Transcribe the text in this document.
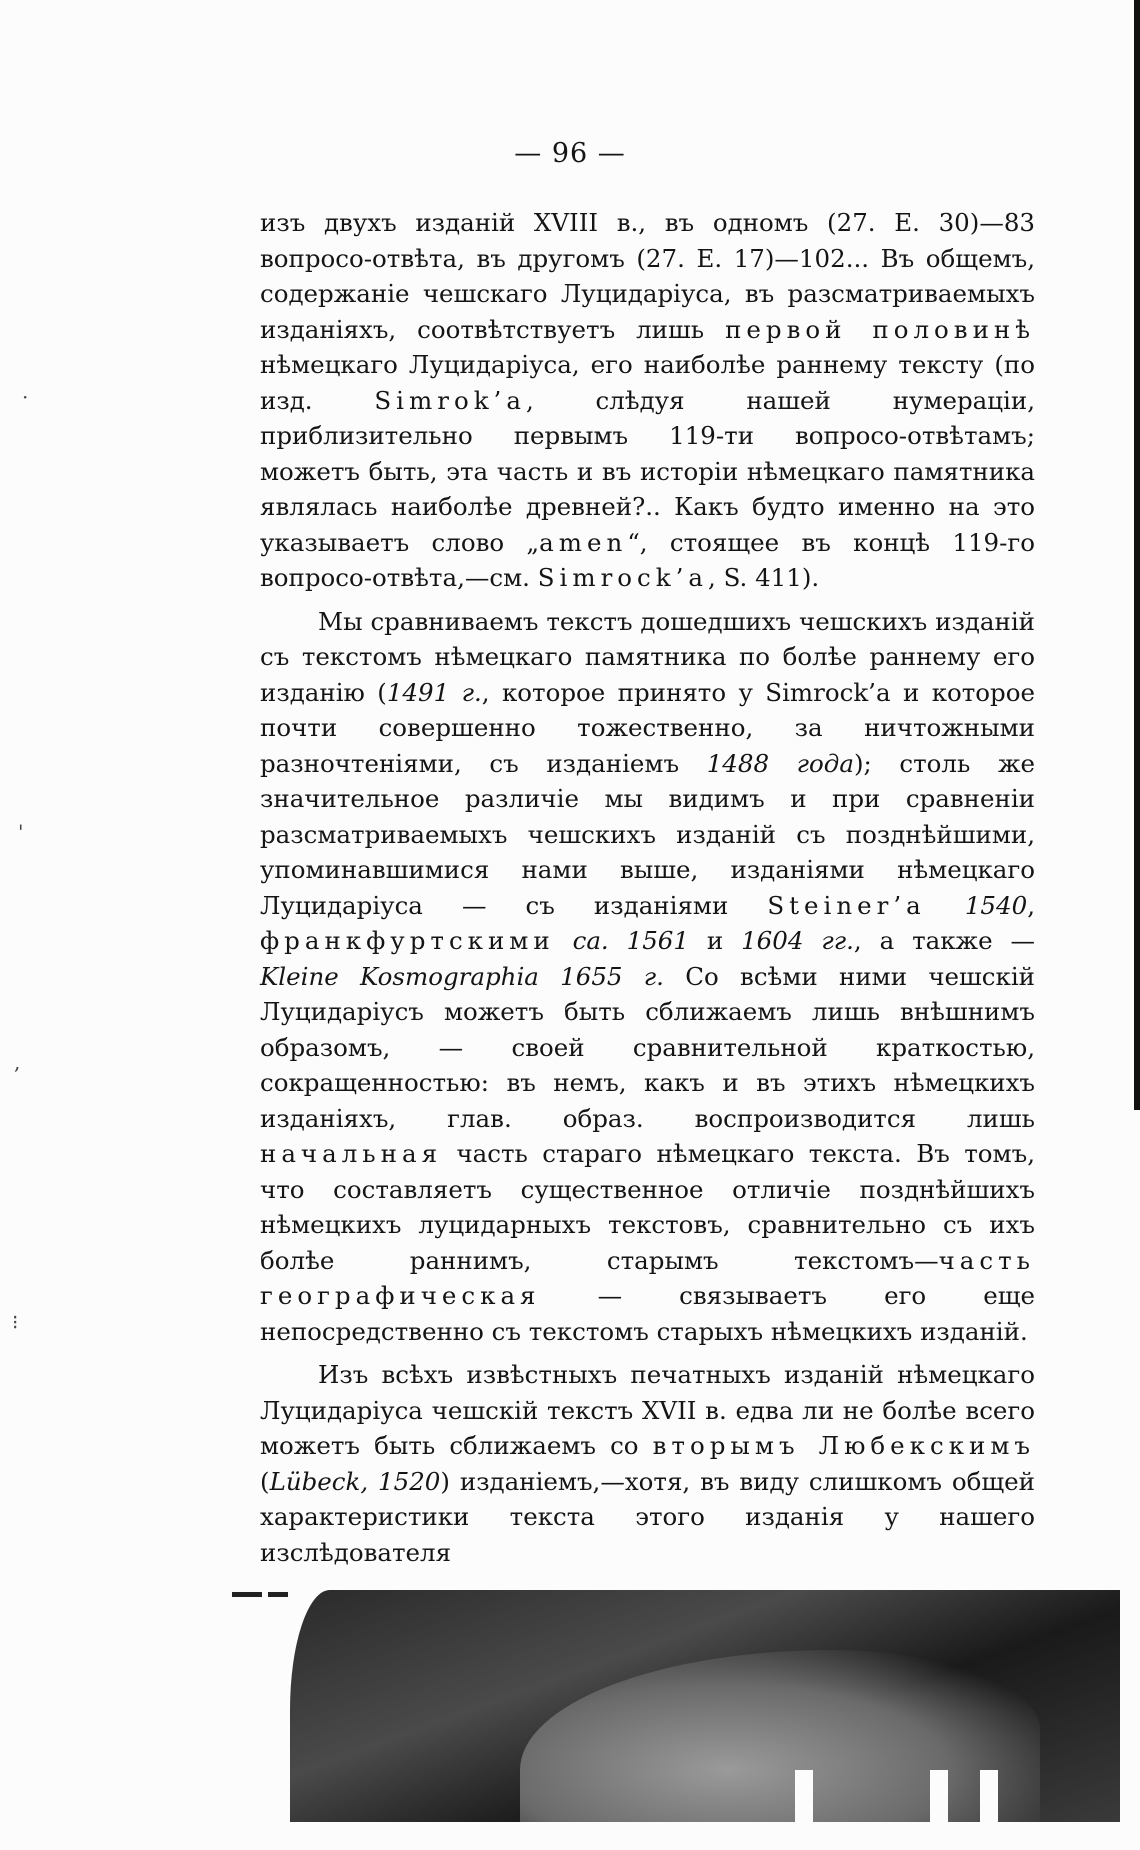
— 96 —

изъ двухъ изданій XVIII в., въ одномъ (27. Е. 30)—83 вопросо-отвѣта, въ другомъ (27. Е. 17)—102... Въ общемъ, содержаніе чешскаго Луцидаріуса, въ разсматриваемыхъ изданіяхъ, соотвѣтствуетъ лишь первой половинѣ нѣмецкаго Луцидаріуса, его наиболѣе раннему тексту (по изд. Simrok’a, слѣдуя нашей нумераціи, приблизительно первымъ 119-ти вопросо-отвѣтамъ; можетъ быть, эта часть и въ исторіи нѣмецкаго памятника являлась наиболѣе древней?.. Какъ будто именно на это указываетъ слово „amen“, стоящее въ концѣ 119-го вопросо-отвѣта,—см. Simrock’a, S. 411).

Мы сравниваемъ текстъ дошедшихъ чешскихъ изданій съ текстомъ нѣмецкаго памятника по болѣе раннему его изданію (1491 г., которое принято у Simrock’a и которое почти совершенно тожественно, за ничтожными разночтеніями, съ изданіемъ 1488 года); столь же значительное различіе мы видимъ и при сравненіи разсматриваемыхъ чешскихъ изданій съ позднѣйшими, упоминавшимися нами выше, изданіями нѣмецкаго Луцидаріуса — съ изданіями Steiner’a 1540, франкфуртскими ca. 1561 и 1604 гг., а также — Kleine Kosmographia 1655 г. Со всѣми ними чешскій Луцидаріусъ можетъ быть сближаемъ лишь внѣшнимъ образомъ, — своей сравнительной краткостью, сокращенностью: въ немъ, какъ и въ этихъ нѣмецкихъ изданіяхъ, глав. образ. воспроизводится лишь начальная часть стараго нѣмецкаго текста. Въ томъ, что составляетъ существенное отличіе позднѣйшихъ нѣмецкихъ луцидарныхъ текстовъ, сравнительно съ ихъ болѣе раннимъ, старымъ текстомъ—часть географическая — связываетъ его еще непосредственно съ текстомъ старыхъ нѣмецкихъ изданій.

Изъ всѣхъ извѣстныхъ печатныхъ изданій нѣмецкаго Луцидаріуса чешскій текстъ XVII в. едва ли не болѣе всего можетъ быть сближаемъ со вторымъ Любекскимъ (Lübeck, 1520) изданіемъ,—хотя, въ виду слишкомъ общей характеристики текста этого изданія у нашего изслѣдователя

·
'
,
⁝
